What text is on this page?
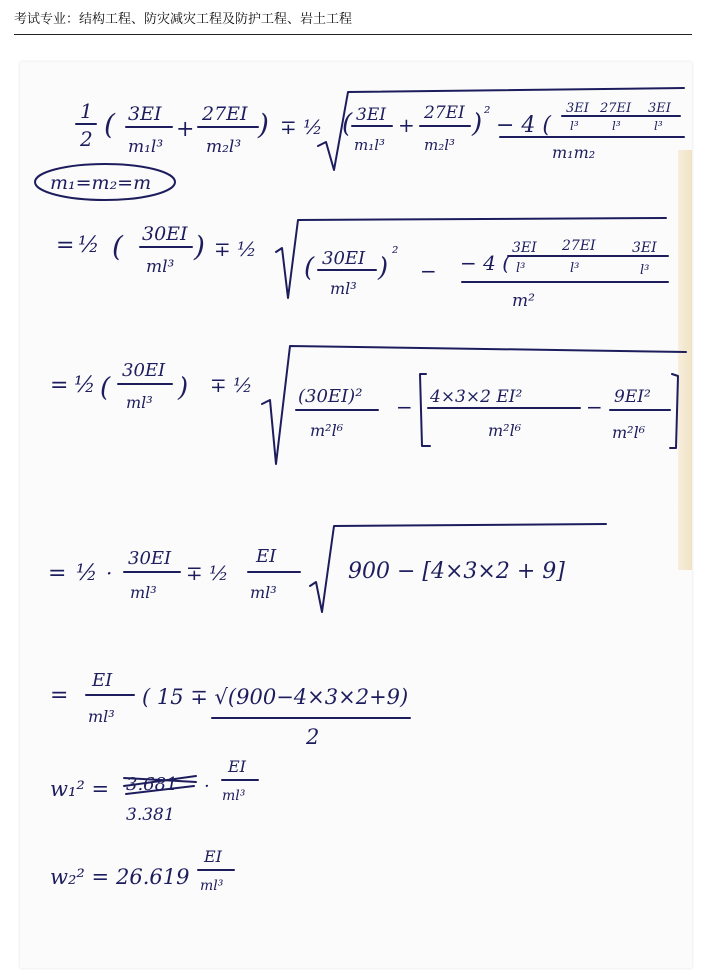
考试专业：结构工程、防灾减灾工程及防护工程、岩土工程
1
2 ( 3EI
m₁l³
+
27EI
m₂l³
) ∓ ½ ( 3EI
m₁l³
+ 27EI
m₂l³
) ²
− 4 (
3EI 27EI 3EI
l³	l³	l³
m₁m₂
m₁=m₂=m
= ½ ( 30EI
ml³
) ∓ ½
( 30EI
ml³
)
²
− − 4 (
3EI 27EI	3EI
l³	l³	l³
m²
= ½ (
30EI
ml³ ) ∓ ½	(30EI)²
m²l⁶
− 4×3×2 EI²
m²l⁶
− 9EI²
m²l⁶
= ½ ·
30EI
ml³
∓ ½
EI
ml³
900 − [4×3×2 + 9]
=
EI
ml³
( 15 ∓ √(900−4×3×2+9)
2
w₁² = 3.681
3.381
·
EI
ml³
w₂² = 26.619
EI
ml³
